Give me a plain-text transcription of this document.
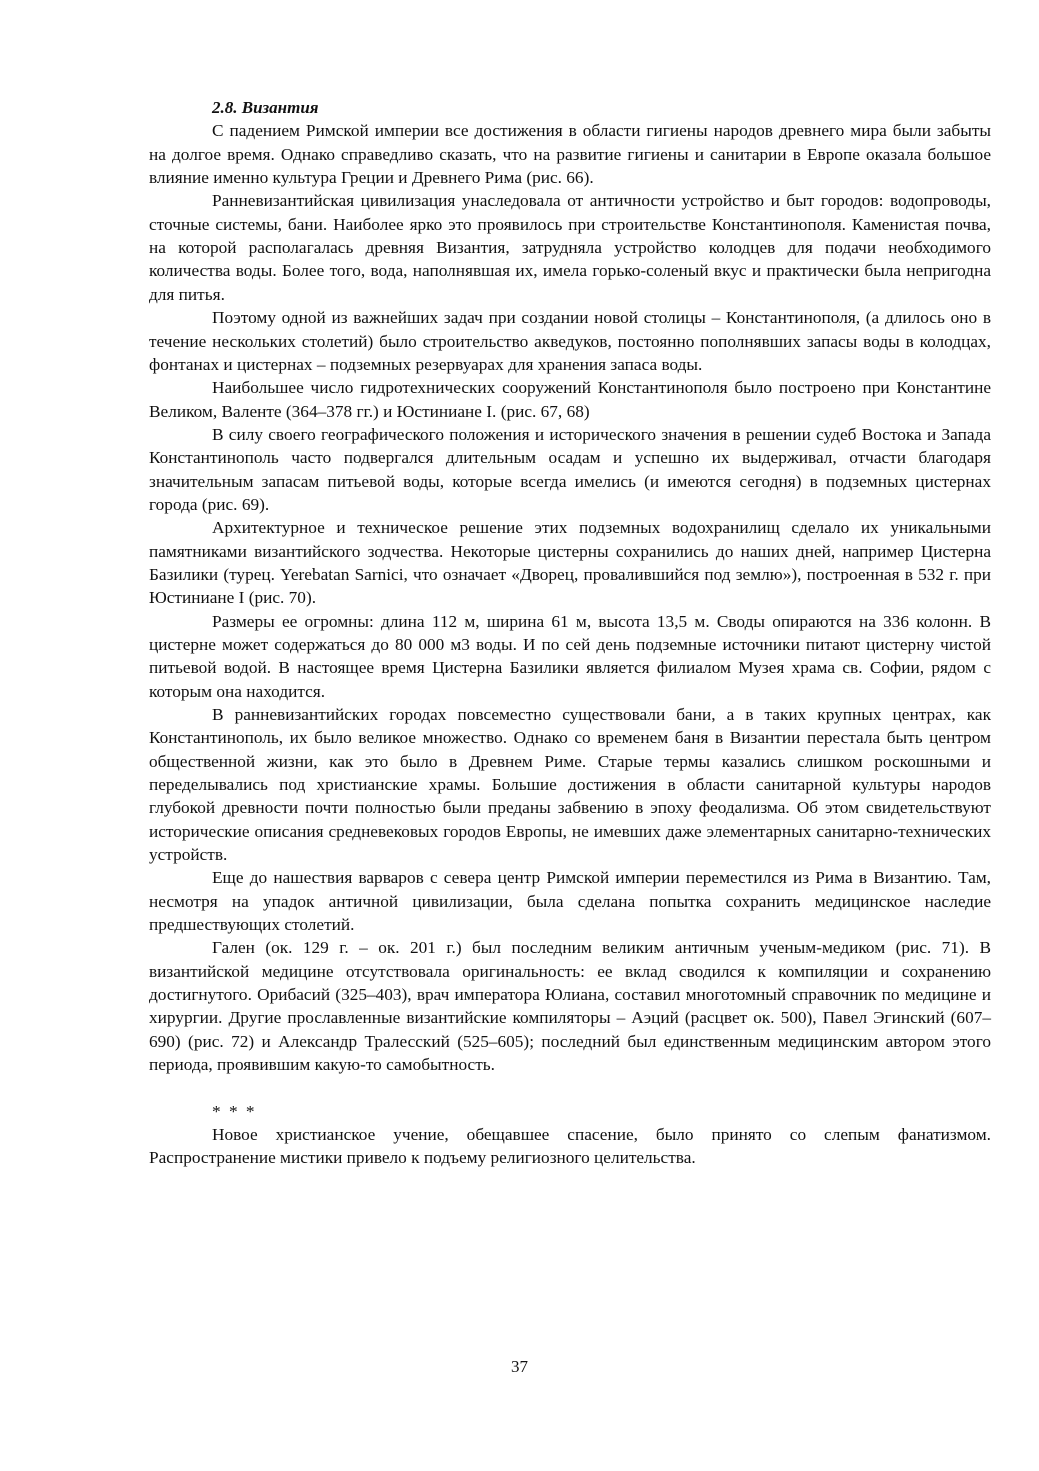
2.8. Византия

С падением Римской империи все достижения в области гигиены народов древнего мира были забыты на долгое время. Однако справедливо сказать, что на развитие гигиены и санитарии в Европе оказала большое влияние именно культура Греции и Древнего Рима (рис. 66).

Ранневизантийская цивилизация унаследовала от античности устройство и быт городов: водопроводы, сточные системы, бани. Наиболее ярко это проявилось при строительстве Константинополя. Каменистая почва, на которой располагалась древняя Византия, затрудняла устройство колодцев для подачи необходимого количества воды. Более того, вода, наполнявшая их, имела горько-соленый вкус и практически была непригодна для питья.

Поэтому одной из важнейших задач при создании новой столицы – Константинополя, (а длилось оно в течение нескольких столетий) было строительство акведуков, постоянно пополнявших запасы воды в колодцах, фонтанах и цистернах – подземных резервуарах для хранения запаса воды.

Наибольшее число гидротехнических сооружений Константинополя было построено при Константине Великом, Валенте (364–378 гг.) и Юстиниане I. (рис. 67, 68)

В силу своего географического положения и исторического значения в решении судеб Востока и Запада Константинополь часто подвергался длительным осадам и успешно их выдерживал, отчасти благодаря значительным запасам питьевой воды, которые всегда имелись (и имеются сегодня) в подземных цистернах города (рис. 69).

Архитектурное и техническое решение этих подземных водохранилищ сделало их уникальными памятниками византийского зодчества. Некоторые цистерны сохранились до наших дней, например Цистерна Базилики (турец. Yerebatan Sarnici, что означает «Дворец, провалившийся под землю»), построенная в 532 г. при Юстиниане I (рис. 70).

Размеры ее огромны: длина 112 м, ширина 61 м, высота 13,5 м. Своды опираются на 336 колонн. В цистерне может содержаться до 80 000 м3 воды. И по сей день подземные источники питают цистерну чистой питьевой водой. В настоящее время Цистерна Базилики является филиалом Музея храма св. Софии, рядом с которым она находится.

В ранневизантийских городах повсеместно существовали бани, а в таких крупных центрах, как Константинополь, их было великое множество. Однако со временем баня в Византии перестала быть центром общественной жизни, как это было в Древнем Риме. Старые термы казались слишком роскошными и переделывались под христианские храмы. Большие достижения в области санитарной культуры народов глубокой древности почти полностью были преданы забвению в эпоху феодализма. Об этом свидетельствуют исторические описания средневековых городов Европы, не имевших даже элементарных санитарно-технических устройств.

Еще до нашествия варваров с севера центр Римской империи переместился из Рима в Византию. Там, несмотря на упадок античной цивилизации, была сделана попытка сохранить медицинское наследие предшествующих столетий.

Гален (ок. 129 г. – ок. 201 г.) был последним великим античным ученым-медиком (рис. 71). В византийской медицине отсутствовала оригинальность: ее вклад сводился к компиляции и сохранению достигнутого. Орибасий (325–403), врач императора Юлиана, составил многотомный справочник по медицине и хирургии. Другие прославленные византийские компиляторы – Аэций (расцвет ок. 500), Павел Эгинский (607–690) (рис. 72) и Александр Тралесский (525–605); последний был единственным медицинским автором этого периода, проявившим какую-то самобытность.

* * *

Новое христианское учение, обещавшее спасение, было принято со слепым фанатизмом. Распространение мистики привело к подъему религиозного целительства.

37
